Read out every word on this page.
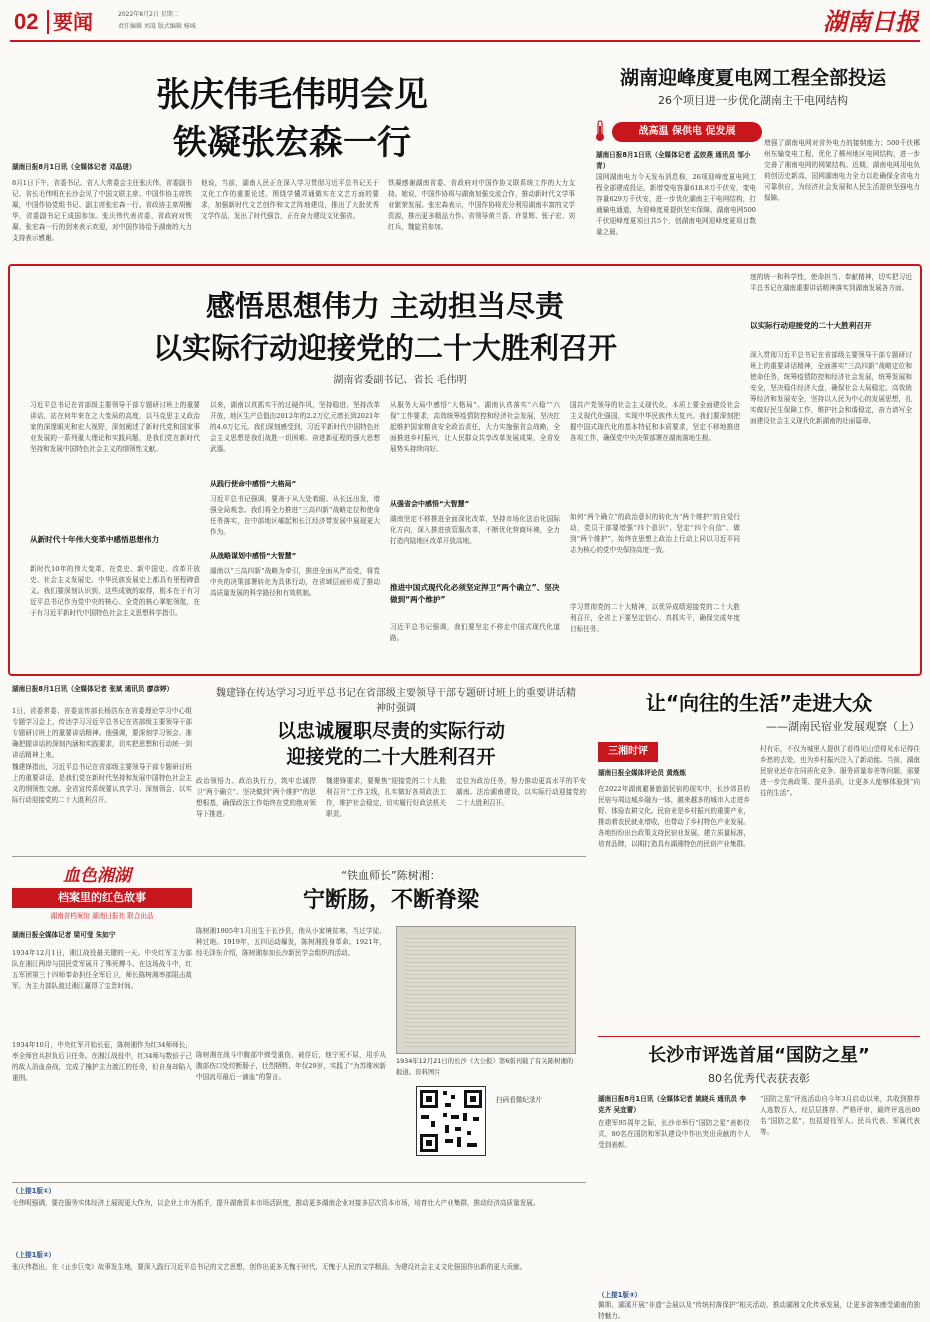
02 要闻	2022年8月2日 星期二
责任编辑 刘凌 版式编辑 杨城	湖南日报
张庆伟毛伟明会见
铁凝张宏森一行
湖南日报8月1日讯（全媒体记者 邓晶琎）
8月1日下午，省委书记、省人大常委会主任张庆伟，省委副书记、省长毛伟明在长沙会见了中国文联主席、中国作协主席铁凝，中国作协党组书记、副主席张宏森一行。省政协主席胡衡华，省委副书记王成国参加。张庆伟代表省委、省政府对铁凝、张宏森一行的到来表示欢迎，对中国作协给予湖南的大力支持表示感谢。
他说，当前，湖南人民正在深入学习贯彻习近平总书记关于文化工作的重要论述，围绕学懂弄通做实在文艺方面的要求，加强新时代文艺创作和文艺阵地建设，推出了大批优秀文学作品，发出了时代强音，正在奋力建设文化强省。
铁凝感谢湖南省委、省政府对中国作协文联系统工作的大力支持。她说，中国作协将与湖南加强交流合作，推动新时代文学事业繁荣发展。张宏森表示，中国作协将充分利用湖南丰富的文学资源，推出更多精品力作。省领导黄兰香、许显辉、张子宏、刘红兵、魏旋君参加。
湖南迎峰度夏电网工程全部投运
26个项目进一步优化湖南主干电网结构
战高温 保供电 促发展
湖南日报8月1日讯（全媒体记者 孟姣燕 通讯员 邹小青）
国网湖南电力今天发布消息称，26项迎峰度夏电网工程全部建成投运，新增变电容量618.8万千伏安，变电容量629万千伏安，进一步优化湖南主干电网结构，打通输电通道，为迎峰度夏提供坚实保障。湖南电网500千伏迎峰度夏项目共5个，创湖南电网迎峰度夏项目数量之最。
增强了湖南电网对省外电力的接纳能力；500千伏郴州东输变电工程，优化了郴州地区电网结构，进一步完善了湘南电网的网架结构。近期，湖南电网用电负荷创历史新高，国网湖南电力全力以赴确保全省电力可靠供应，为经济社会发展和人民生活提供坚强电力保障。
感悟思想伟力 主动担当尽责
以实际行动迎接党的二十大胜利召开
湖南省委副书记、省长 毛伟明
习近平总书记在省部级主要领导干部专题研讨班上的重要讲话，站在何年来在之大变局的高度，以马克思主义政治家的深邃眼光和宏大视野，深刻阐述了新时代党和国家事业发展的一系列重大理论和实践问题，是我们党在新时代坚持和发展中国特色社会主义的纲领性文献。
从新时代十年伟大变革中感悟思想伟力
新时代10年的伟大变革，在党史、新中国史、改革开放史、社会主义发展史、中华民族发展史上都具有里程碑意义。我们要深刻认识到，这些成就的取得，根本在于有习近平总书记作为党中央的核心、全党的核心掌舵领航，在于有习近平新时代中国特色社会主义思想科学指引。
以来，湖南以真抓实干的过硬作风，坚持稳进、坚持改革开放，地区生产总值由2012年的2.2万亿元增长到2021年的4.6万亿元。我们深刻感受到，习近平新时代中国特色社会主义思想是我们战胜一切困难、奋进新征程的强大思想武器。
从践行使命中感悟“大格局”
习近平总书记强调，要善于从大处着眼、从长远出发，增强全局观念。我们将全力推进“三高四新”战略定位和使命任务落实，在中部地区崛起和长江经济带发展中展现更大作为。
从战略谋划中感悟“大智慧”
湖南以“三高四新”战略为牵引，推进全面从严治党，将党中央的决策部署转化为具体行动，在省域层面形成了推动高质量发展的科学路径和有效机制。
从服务大局中感悟“大格局”。湖南认真落实“六稳”“六保”工作要求，高效统筹疫情防控和经济社会发展，坚决扛起维护国家粮食安全政治责任，大力实施强省会战略，全面推进乡村振兴，让人民群众共享改革发展成果，全省发展势头持续向好。
从强省会中感悟“大智慧”
湖南坚定不移推进全面深化改革，坚持市场化法治化国际化方向，深入推进放管服改革，不断优化营商环境，全力打造内陆地区改革开放高地。
推进中国式现代化必须坚定捍卫“两个确立”、坚决做到“两个维护”
习近平总书记强调，我们要坚定不移走中国式现代化道路。
国共产党领导的社会主义现代化，本质上要全面建设社会主义现代化强国，实现中华民族伟大复兴。我们要深刻把握中国式现代化的基本特征和本质要求，坚定不移地推进各项工作，确保党中央决策部署在湖南落地生根。
如何“两个确立”的政治意识的转化为“两个维护”的自觉行动，党员干部要增强“四个意识”、坚定“四个自信”、做到“两个维护”，始终在思想上政治上行动上同以习近平同志为核心的党中央保持高度一致。
学习贯彻党的二十大精神，以优异成绩迎接党的二十大胜利召开，全省上下要坚定信心、真抓实干，确保完成年度目标任务。
迷的统一和科学性，使命担当、奉献精神，切实把习近平总书记在湖南重要讲话精神落实到湖南发展各方面。
以实际行动迎接党的二十大胜利召开
深入贯彻习近平总书记在省部级主要领导干部专题研讨班上的重要讲话精神，全面落实“三高四新”战略定位和使命任务，统筹疫情防控和经济社会发展，统筹发展和安全，坚决稳住经济大盘，确保社会大局稳定。高效统筹经济和发展安全，坚持以人民为中心的发展思想，扎实做好民生保障工作，维护社会和谐稳定，奋力谱写全面建设社会主义现代化新湖南的壮丽篇章。
湖南日报8月1日讯（全媒体记者 张斌 通讯员 廖彦婷）
1日，省委常委、省委宣传部长杨浩东在省委理论学习中心组专题学习会上，传达学习习近平总书记在省部级主要领导干部专题研讨班上的重要讲话精神。他强调，要深刻学习领会、准确把握讲话的深刻内涵和实践要求，切实把思想和行动统一到讲话精神上来。
魏建锋指出，习近平总书记在省部级主要领导干部专题研讨班上的重要讲话，是我们党在新时代坚持和发展中国特色社会主义的纲领性文献。全省宣传系统要认真学习、深刻领会，以实际行动迎接党的二十大胜利召开。
魏建锋在传达学习习近平总书记在省部级主要领导干部专题研讨班上的重要讲话精神时强调
以忠诚履职尽责的实际行动
迎接党的二十大胜利召开
政治领悟力、政治执行力，筑牢忠诚捍卫“两个确立”、坚决做到“两个维护”的思想根基，确保政法工作始终在党的绝对领导下推进。
魏建锋要求，要聚焦“迎接党的二十大胜利召开”工作主线，扎实做好各项政法工作，维护社会稳定，切实履行好政法机关职责。
定位为政治任务，努力推动更高水平的平安湖南、法治湖南建设，以实际行动迎接党的二十大胜利召开。
让“向往的生活”走进大众
——湖南民宿业发展观察（上）
三湘时评
湖南日报全媒体评论员 黄炼炼
在2022年湖南避暑旅游民宿的现实中，长沙郊县的民宿与周边城乡融为一体，越来越多的城市人走进乡野、体验农耕文化。民宿业是乡村振兴的重要产业，推动着农民就业增收，也带动了乡村特色产业发展。各地纷纷出台政策支持民宿业发展，建立质量标准，培育品牌，以期打造具有湖湘特色的民宿产业集群。
村有乐，不仅为城里人提供了看得见山望得见水记得住乡愁的去处，也为乡村振兴注入了新动能。当前，湖南民宿业还存在同质化竞争、服务质量参差等问题，需要进一步完善政策、提升品质，让更多人能够体验到“向往的生活”。
血色湘湖
档案里的红色故事
湖南省档案馆 湖南日报社 联合出品
湖南日报全媒体记者 梁可莹 朱如宁
1934年12月1日，湘江战役最关键的一天。中央红军主力部队在湘江两岸与国民党军展开了殊死搏斗。在这场战斗中，红五军团第三十四师奉命担任全军后卫，师长陈树湘率部阻击敌军，为主力部队渡过湘江赢得了宝贵时间。
1934年10月，中央红军开始长征，陈树湘作为红34师师长，率全师官兵担负后卫任务。在湘江战役中，红34师与数倍于己的敌人浴血奋战，完成了掩护主力渡江的任务，但自身却陷入重围。
“铁血师长”陈树湘：
宁断肠，不断脊梁
陈树湘1905年1月出生于长沙县，他从小家境贫寒，当过学徒、种过地。1919年，五四运动爆发，陈树湘投身革命。1921年，经毛泽东介绍，陈树湘参加长沙新民学会组织的活动。
陈树湘在战斗中腹部中弹受重伤，被俘后，他宁死不屈，用手从腹部伤口处绞断肠子，壮烈牺牲，年仅29岁，实践了“为苏维埃新中国流尽最后一滴血”的誓言。
1934年12月21日的长沙《大公报》第6版刊载了有关陈树湘的报道。资料图片
扫码看微纪录片
长沙市评选首届“国防之星”
80名优秀代表获表彰
湖南日报8月1日讯（全媒体记者 姚晓兵 通讯员 李克齐 吴宜蕾）
在建军95周年之际，长沙市举行“国防之星”表彰仪式，80名在国防和军队建设中作出突出贡献的个人受到表彰。
“国防之星”评选活动自今年3月启动以来，共收到推荐人选数百人，经层层推荐、严格评审，最终评选出80名“国防之星”，包括退役军人、民兵代表、军属代表等。
（上接1版①）
毛伟明强调，要在服务实体经济上展现更大作为，以企业上市为抓手，提升湖南资本市场活跃度，推动更多湖南企业对接多层次资本市场，培育壮大产业集群，推动经济高质量发展。
（上接1版②）
张庆伟指出，在《止步巨变》故事发生地，要深入践行习近平总书记的文艺思想，创作出更多无愧于时代、无愧于人民的文学精品，为建设社会主义文化强国作出新的更大贡献。
（上接1版③）
佩斯、湖溪开展“非遗”会展以及“传统村落保护”相关活动，推动湖湘文化传承发展，让更多游客感受湖南的独特魅力。
